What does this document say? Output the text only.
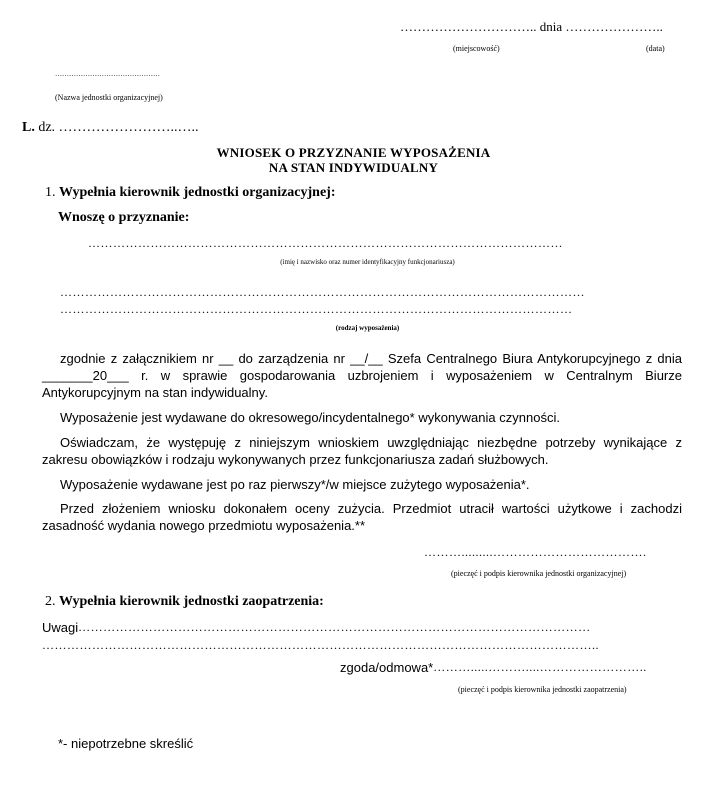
………………………….. dnia …………………..
(miejscowość)	(data)
………………………………………
(Nazwa jednostki organizacyjnej)
L. dz. ……………………..…..
WNIOSEK O PRZYZNANIE WYPOSAŻENIA
NA STAN INDYWIDUALNY
1. Wypełnia kierownik jednostki organizacyjnej:
Wnoszę o przyznanie:
……………………………………………………………………………………………………
(imię i nazwisko oraz numer identyfikacyjny funkcjonariusza)
………………………………………………………………………………………………………………
……………………………………………………………………………………………………………
(rodzaj wyposażenia)
zgodnie z załącznikiem nr __ do zarządzenia nr __/__ Szefa Centralnego Biura Antykorupcyjnego z dnia _______20___ r. w sprawie gospodarowania uzbrojeniem i wyposażeniem w Centralnym Biurze Antykorupcyjnym na stan indywidualny.
Wyposażenie jest wydawane do okresowego/incydentalnego* wykonywania czynności.
Oświadczam, że występuję z niniejszym wnioskiem uwzględniając niezbędne potrzeby wynikające z zakresu obowiązków i rodzaju wykonywanych przez funkcjonariusza zadań służbowych.
Wyposażenie wydawane jest po raz pierwszy*/w miejsce zużytego wyposażenia*.
Przed złożeniem wniosku dokonałem oceny zużycia. Przedmiot utracił wartości użytkowe i zachodzi zasadność wydania nowego przedmiotu wyposażenia.**
……….........……………………………….
(pieczęć i podpis kierownika jednostki organizacyjnej)
2. Wypełnia kierownik jednostki zaopatrzenia:
Uwagi……………………………………………………………………………………………………………
……………………………………………………………………………………………………………………..
zgoda/odmowa*……….....………....……………………..
(pieczęć i podpis kierownika jednostki zaopatrzenia)
*- niepotrzebne skreślić
